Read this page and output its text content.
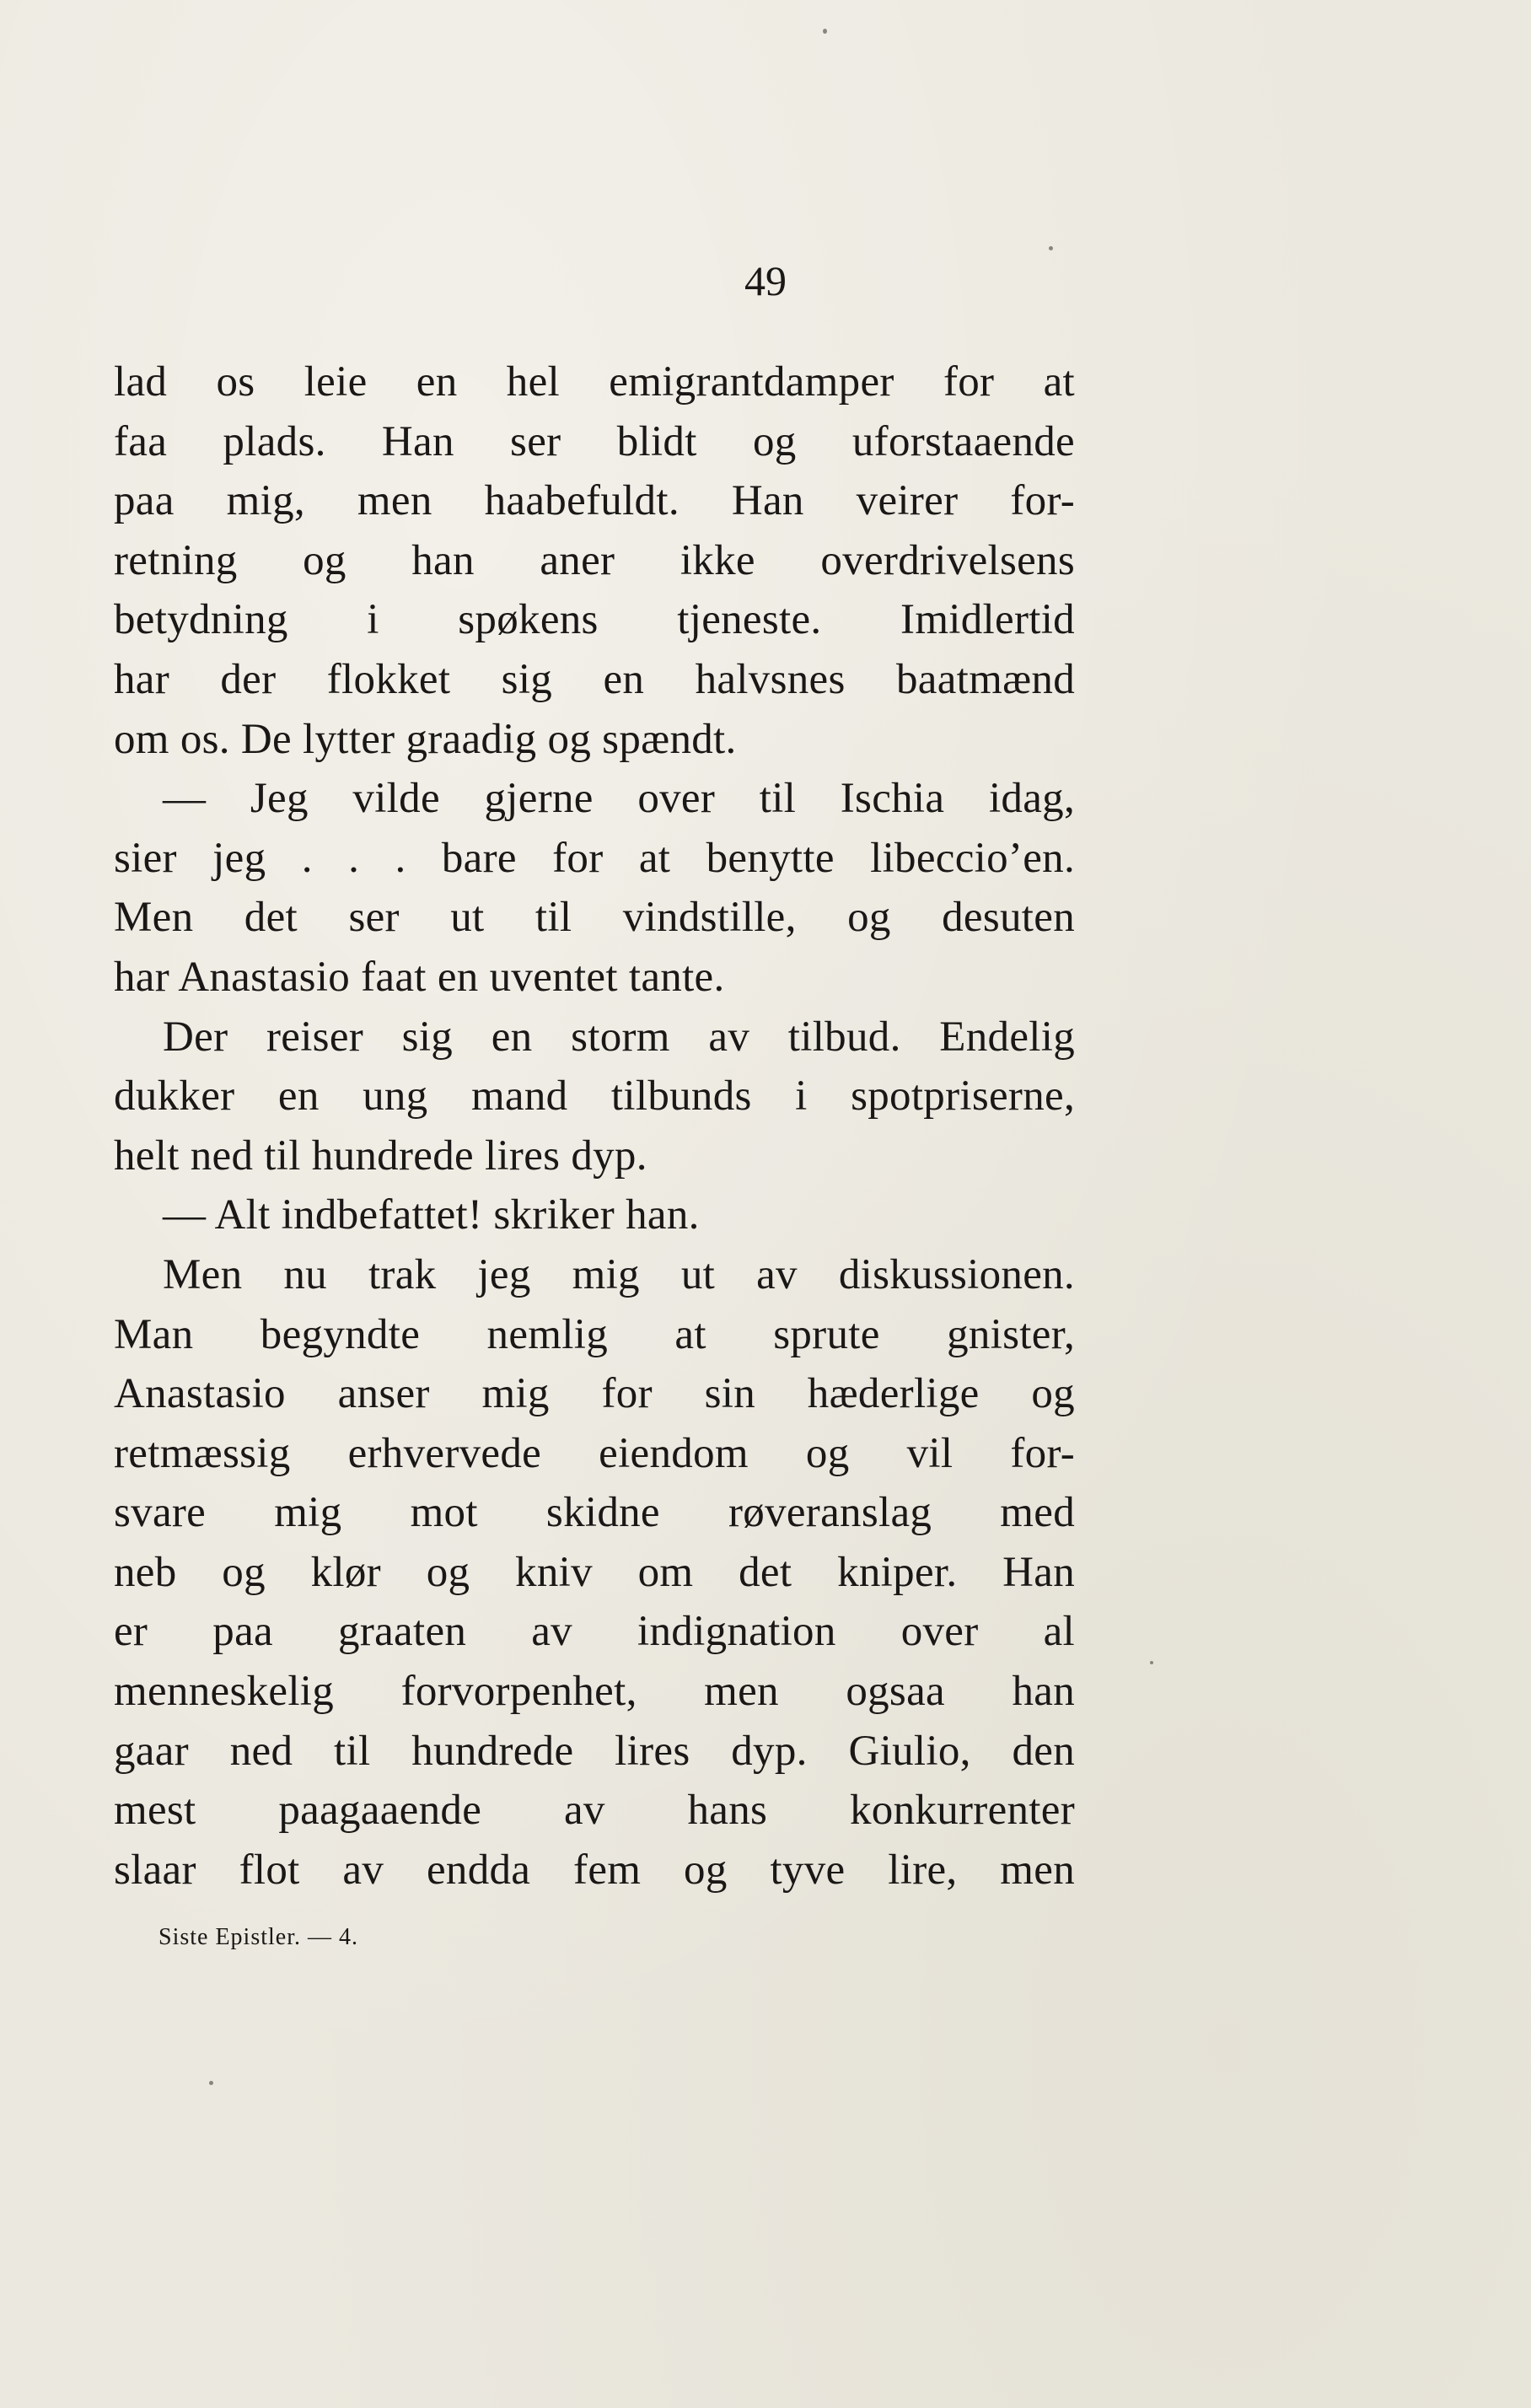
49
lad os leie en hel emigrantdamper for at
faa plads. Han ser blidt og uforstaaende
paa mig, men haabefuldt. Han veirer for-
retning og han aner ikke overdrivelsens
betydning i spøkens tjeneste. Imidlertid
har der flokket sig en halvsnes baatmænd
om os. De lytter graadig og spændt.
— Jeg vilde gjerne over til Ischia idag,
sier jeg . . . bare for at benytte libeccio’en.
Men det ser ut til vindstille, og desuten
har Anastasio faat en uventet tante.
Der reiser sig en storm av tilbud. Endelig
dukker en ung mand tilbunds i spotpriserne,
helt ned til hundrede lires dyp.
— Alt indbefattet! skriker han.
Men nu trak jeg mig ut av diskussionen.
Man begyndte nemlig at sprute gnister,
Anastasio anser mig for sin hæderlige og
retmæssig erhvervede eiendom og vil for-
svare mig mot skidne røveranslag med
neb og klør og kniv om det kniper. Han
er paa graaten av indignation over al
menneskelig forvorpenhet, men ogsaa han
gaar ned til hundrede lires dyp. Giulio, den
mest paagaaende av hans konkurrenter
slaar flot av endda fem og tyve lire, men
Siste Epistler. — 4.
